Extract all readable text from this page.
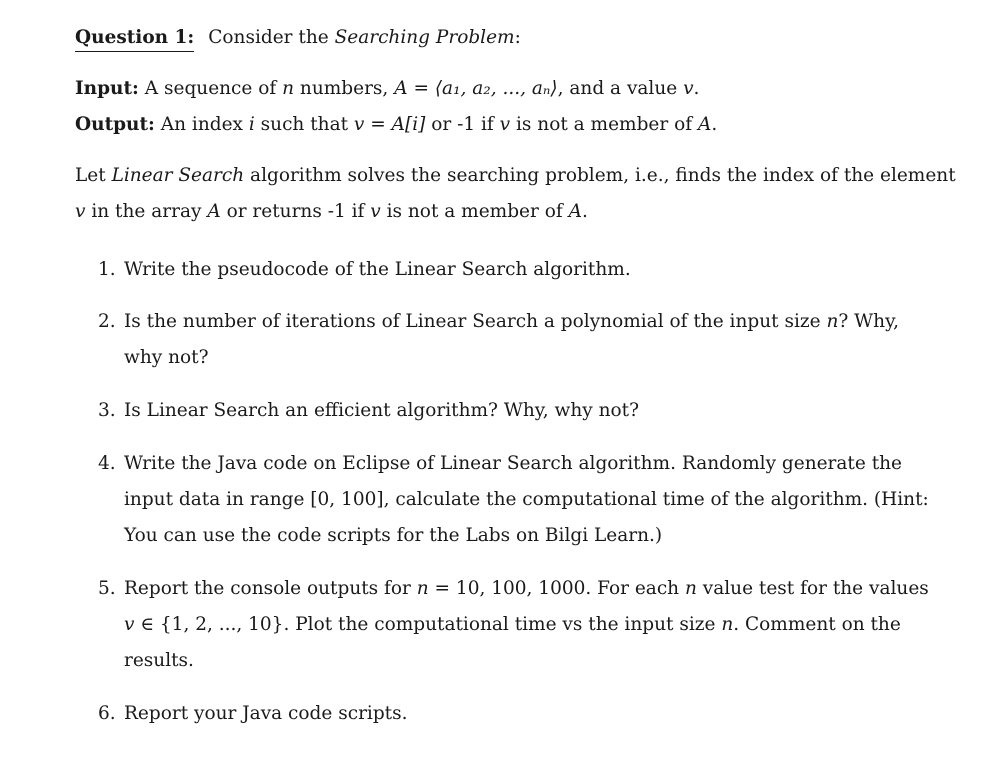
Question 1: Consider the Searching Problem:
Input: A sequence of n numbers, A = ⟨a₁, a₂, ..., aₙ⟩, and a value v.
Output: An index i such that v = A[i] or -1 if v is not a member of A.
Let Linear Search algorithm solves the searching problem, i.e., finds the index of the element
v in the array A or returns -1 if v is not a member of A.
1. Write the pseudocode of the Linear Search algorithm.
2. Is the number of iterations of Linear Search a polynomial of the input size n? Why,
why not?
3. Is Linear Search an efficient algorithm? Why, why not?
4. Write the Java code on Eclipse of Linear Search algorithm. Randomly generate the
input data in range [0, 100], calculate the computational time of the algorithm. (Hint:
You can use the code scripts for the Labs on Bilgi Learn.)
5. Report the console outputs for n = 10, 100, 1000. For each n value test for the values
v ∈ {1, 2, ..., 10}. Plot the computational time vs the input size n. Comment on the
results.
6. Report your Java code scripts.
